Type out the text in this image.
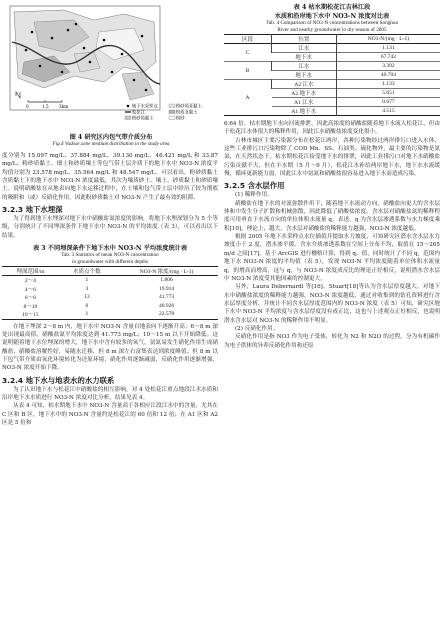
0	1.5 3km	地下水采样点
松花江
粉砂质黏土
粉砂质亚黏土
粉质亚黏土
粉砂
图 4 研究区内包气带介质分布
Fig.4 Vadose zone medium distribution in the study area

度分别为 15.097 mg/L、37.884 mg/L、39.130 mg/L、46.421 mg/L 和 33.87 mg/L；粉砂质黏土、细土和砂质壤土等包气带土层介质下的地下水中 NO3-N 浓度平均值分别为 23.578 mg/L、35.564 mg/L 和 48.547 mg/L。可以看出，粉砂质黏土含质黏土下的地下水中 NO3-N 浓度最低，其次为壤质砂土、壤土、砂质黏土和砂质壤土。说明硝酸盐在从地表向地下水运移过程中，在土壤和包气带土层中经历了较为彻底的吸附和（或）反硝化作用，因此粉砂质黏土对 NO3-N 产生了最有效的阻滞。

3.2.3 地下水埋深

为了得到地下水埋深对地下水中硝酸盐氮浓度的影响，将地下水埋深划分为 5 个等级，分别统计了不同埋深条件下地下水中 NO3-N 的平均浓度（表 3），可以看出以下结果。

表 3 不同埋深条件下地下水中 NO3-N 平均浓度统计表
Tab. 3 Statistics of mean NO3-N concentration
in groundwater with different depths
埋深范围/m	水质点个数	NO3-N 浓度/(mg · L-1)
2～4	1	1.806
4～6	3	19.914
6～8	13	41.773
8～10	6	40.926
10～15	1	22.578

在地下埋深 2～8 m 内，地下水中 NO3-N 含量自地表向下逐渐升高；6～8 m 深处出现最高值，硝酸盐氮平均浓度达到 41.773 mg/L；10～15 m 以下开始降低。这说明随着地下水位埋深的增大，地下水中含有较多的氧气，氨氮易发生硝化作用生成硝酸盐；硝酸盐溶解性好，易随水迁移，但 8 m 深左右富集表达到浓度峰值；但 8 m 以下包气带介质由氧化环境转化为还原环境，硝化作用逐渐减弱，反硝化作用逐渐增强，NO3-N 浓度开始下降。

3.2.4 地下水与地表水的水力联系

为了认识地下水与松花江中硝酸盐的相互影响，对 4 处松花江重点地段江水水质和沿岸地下水水质进行 NO3-N 浓度对比分析，结果见表 4。

从表 4 可知，枯水期地下水中 NO3-N 含量高于各相应江段江水中的含量，尤其在 C 区和 B 区，地下水中的 NO3-N 含量约是松花江的 60 倍和 12 倍；在 A1 区和 A2 区是 5 倍和

表 4 枯水期松花江吉林江段
水质和沿岸地下水中 NO3-N 浓度对比表
Tab. 4 Comparison of NO3-N concentrations between Songhua
River and nearby groundwater in dry season of 2005
区段	位置	NO3-N/(mg · L-1)
C	江水	1.131
	地下水	67.742
B	江水	3.392
	地下水	40.704
A	A2 江水	1.133
	A2 地下水	5.651
	A1 江水	0.677
	A1 地下水	4.515

6.64 倍。枯水期地下水向河流排泄，因此高浓度的硝酸盐随着地下水流入松花江，但由于松花江水体很大的稀释作用，因此江水硝酸盐浓度变化很小。

吉林市城区主要污染源分布在松花江两岸，各种污染物经过两岸排污口进入水体，这些工业排污口污染物除了 COD Mn、SS、石油类、硫化物外，最主要的污染物是氨氮，在天然状态下，枯水期松花江接受地下水的排泄，因此工业排污口对地下水硝酸盐污染贡献不大，但在丰水期（5 月～9 月），松花江水补给两岸地下水，地下水水流缓慢，循环更新能力弱，因此江水中氨氮和硝酸盐很容易进入地下水而造成污染。

3.2.5 含水层作用

(1) 稀释作用。

硝酸盐在地下水的对流弥散作用下，随着地下水流动方向，硝酸盐向更大的含水层体和中发生分子扩散和机械弥散，因此降低了硝酸盐浓度。含水层对硝酸盐氮的稀释程度可用垂直于水流方向的单位体积水流量 q，表述，q 为含水层渗透系数与水力梯度乘积[10]，理论上，越大，含水层对硝酸盐的稀释能力越强，NO3-N 浓度越低。

根据 2005 年地下水采样点水位插值并提取水力坡度，可知研究区潜水含水层水力坡度小于 2 度，潜水渗平缓。含水介质渗透系数在空间上分布不均，取值在 15～265 m/d 之间[17]。基于 ArcGIS 进行栅格计算，得到 q，值，同时统计了不同 q，范围内地下水 NO3-N 浓度的平均值（表 5），发现 NO3-N 平均浓度随着单位体积水流量 q，的增高而增高，这与 q，与 NO3-N 浓度成反比的理论正好相反，说明潜水含水层中 NO3-N 浓度受其他因素的控制更大。

另外，Laura Debernardi 等[16]、Stuart[18]等认为含水层厚度越大，对地下水中硝酸盐浓度的稀释能力越强，NO3-N 浓度越低，通过对收集到的钻孔资料进行含水层厚度分析，并统计不同含水层厚度范围内的 NO3-N 浓度（表 5）可知，研究区地下水中 NO3-N 平均浓度与含水层厚度没有成正比，这也与上述观点正好相反，也说明潜水含水层对 NO3-N 的稀释作用不明显。

(2) 反硝化作用。

反硝化作用是指 NO3 作为电子受体，转化为 N2 和 N2O 的过程，分为有机碳作为电子供体的异养反硝化作用和还原
